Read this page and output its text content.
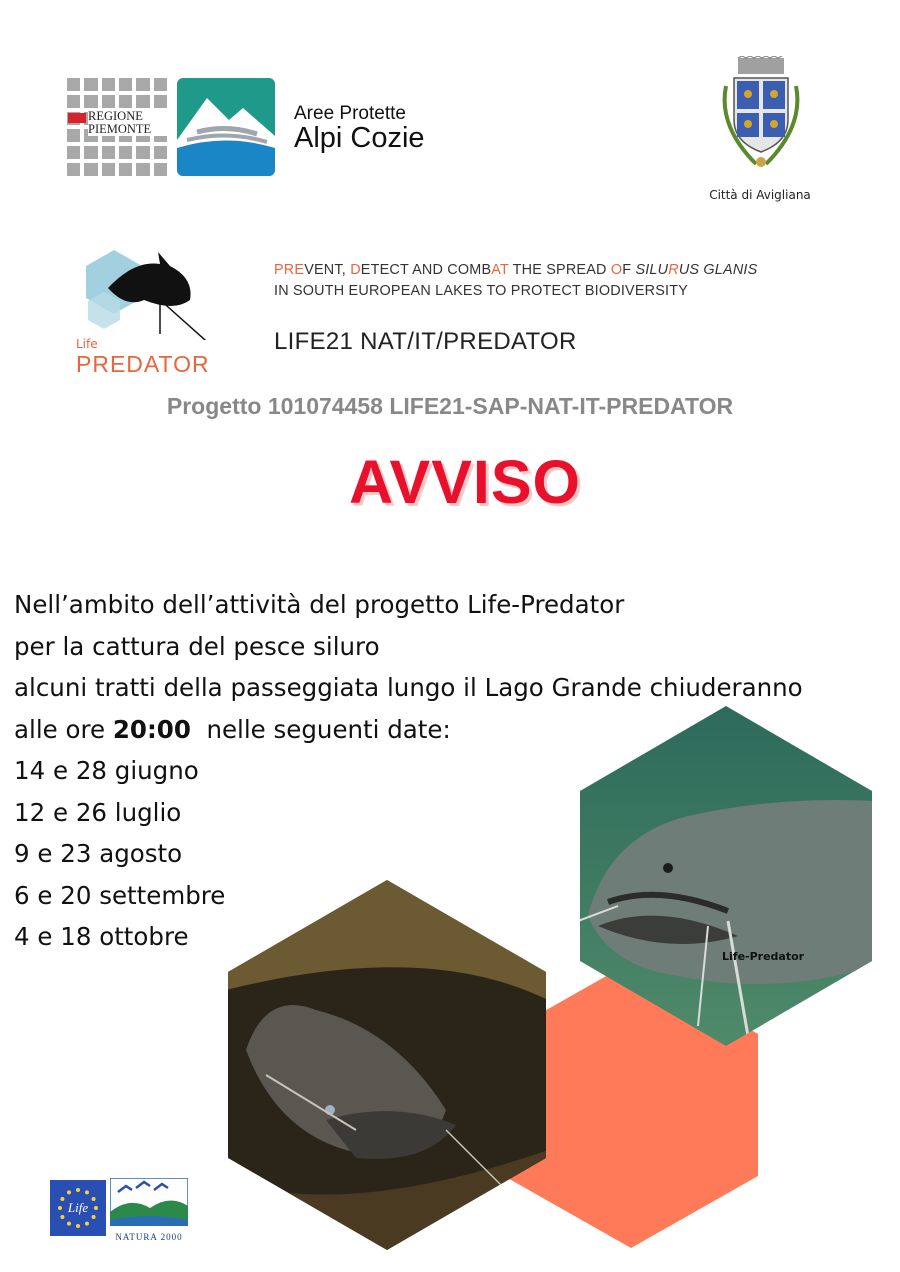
REGIONE
PIEMONTE
Aree Protette
Alpi Cozie
Città di Avigliana
Life
PREDATOR
PREVENT, DETECT AND COMBAT THE SPREAD OF SILURUS GLANIS
IN SOUTH EUROPEAN LAKES TO PROTECT BIODIVERSITY
LIFE21 NAT/IT/PREDATOR
Progetto 101074458 LIFE21-SAP-NAT-IT-PREDATOR
AVVISO
Nell’ambito dell’attività del progetto Life-Predator
per la cattura del pesce siluro
alcuni tratti della passeggiata lungo il Lago Grande chiuderanno
alle ore 20:00  nelle seguenti date:
14 e 28 giugno
12 e 26 luglio
9 e 23 agosto
6 e 20 settembre
4 e 18 ottobre
Life-Predator
Life
NATURA 2000
